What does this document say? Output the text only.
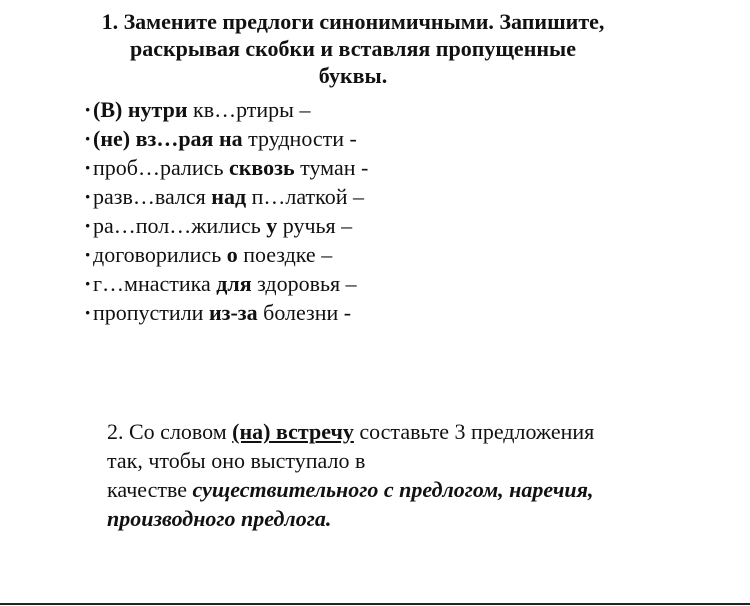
1. Замените предлоги синонимичными. Запишите,
раскрывая скобки и вставляя пропущенные
буквы.
· (В) нутри кв…ртиры –
· (не) вз…рая на трудности -
· проб…рались сквозь туман -
· разв…вался над п…латкой –
· ра…пол…жились у ручья –
· договорились о поездке –
· г…мнастика для здоровья –
· пропустили из-за болезни -
2. Со словом (на) встречу составьте 3 предложения
так, чтобы оно выступало в
качестве существительного с предлогом, наречия,
производного предлога.
